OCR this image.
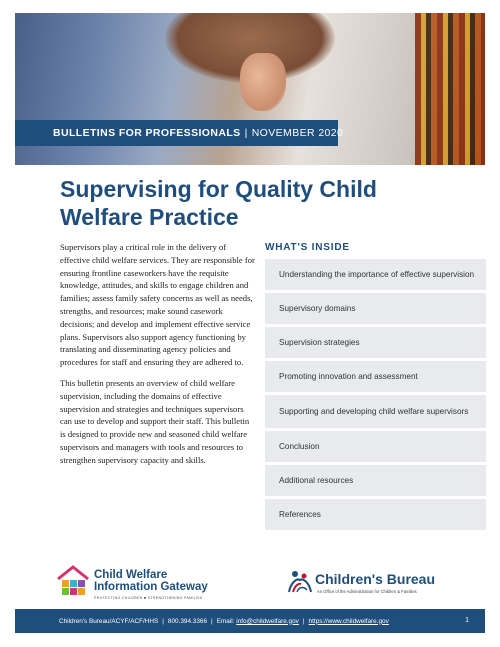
BULLETINS FOR PROFESSIONALS | NOVEMBER 2020
Supervising for Quality Child Welfare Practice

Supervisors play a critical role in the delivery of effective child welfare services. They are responsible for ensuring frontline caseworkers have the requisite knowledge, attitudes, and skills to engage children and families; assess family safety concerns as well as needs, strengths, and resources; make sound casework decisions; and develop and implement effective service plans. Supervisors also support agency functioning by translating and disseminating agency policies and procedures for staff and ensuring they are adhered to.

This bulletin presents an overview of child welfare supervision, including the domains of effective supervision and strategies and techniques supervisors can use to develop and support their staff. This bulletin is designed to provide new and seasoned child welfare supervisors and managers with tools and resources to strengthen supervisory capacity and skills.

WHAT'S INSIDE
Understanding the importance of effective supervision
Supervisory domains
Supervision strategies
Promoting innovation and assessment
Supporting and developing child welfare supervisors
Conclusion
Additional resources
References
Child Welfare
Information Gateway
PROTECTING CHILDREN ■ STRENGTHENING FAMILIES
Children's Bureau
An Office of the Administration for Children & Families
Children's Bureau/ACYF/ACF/HHS | 800.394.3366 | Email:
info@childwelfare.gov | https://www.childwelfare.gov	1
